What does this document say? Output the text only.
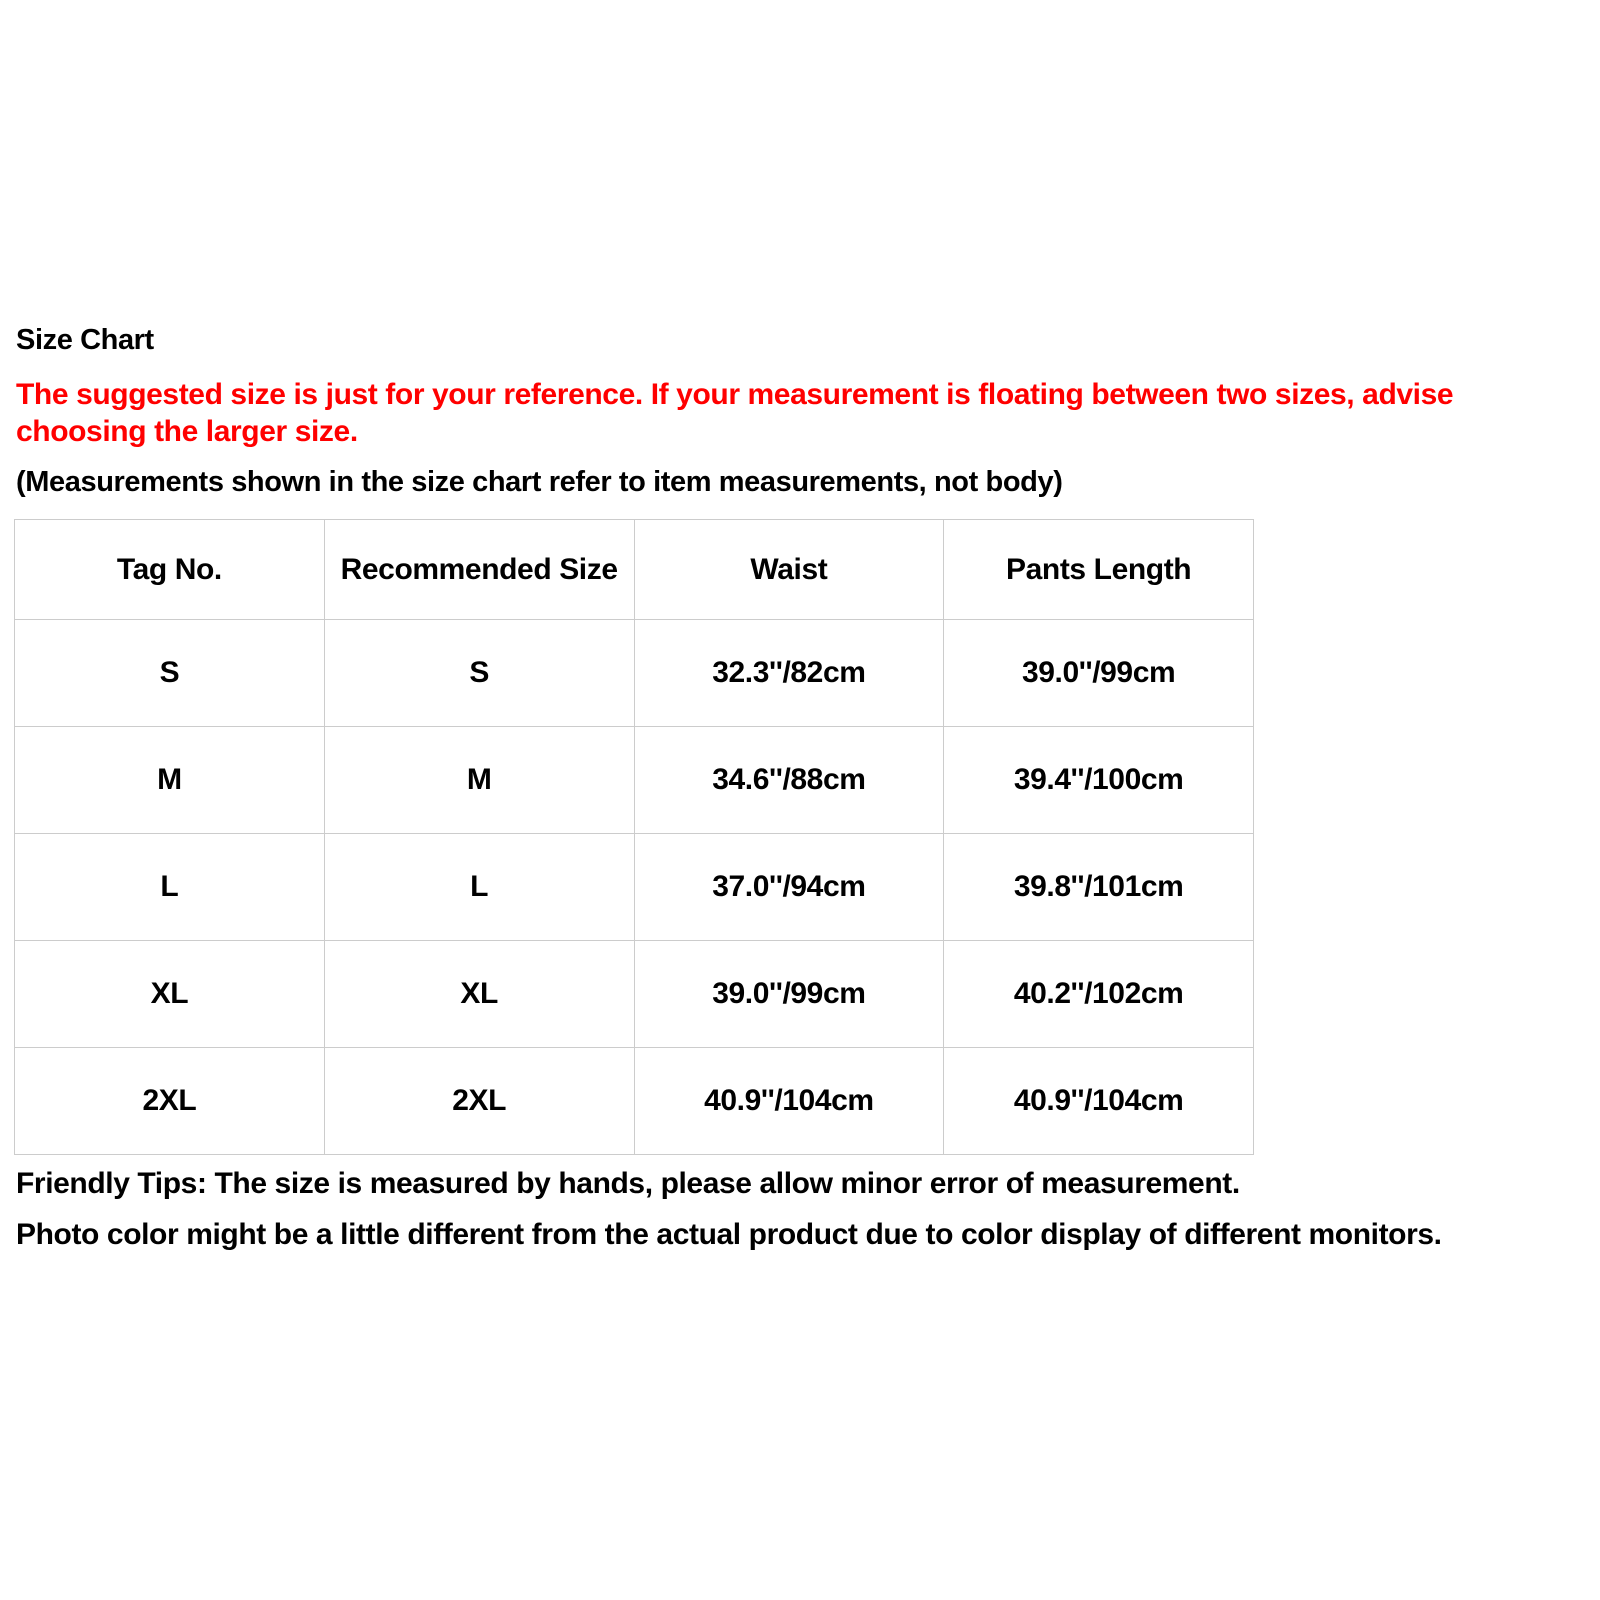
Size Chart

The suggested size is just for your reference. If your measurement is floating between two sizes, advise
choosing the larger size.

(Measurements shown in the size chart refer to item measurements, not body)

Tag No.	Recommended Size	Waist	Pants Length
S	S	32.3''/82cm	39.0''/99cm
M	M	34.6''/88cm	39.4''/100cm
L	L	37.0''/94cm	39.8''/101cm
XL	XL	39.0''/99cm	40.2''/102cm
2XL	2XL	40.9''/104cm	40.9''/104cm

Friendly Tips: The size is measured by hands, please allow minor error of measurement.

Photo color might be a little different from the actual product due to color display of different monitors.
